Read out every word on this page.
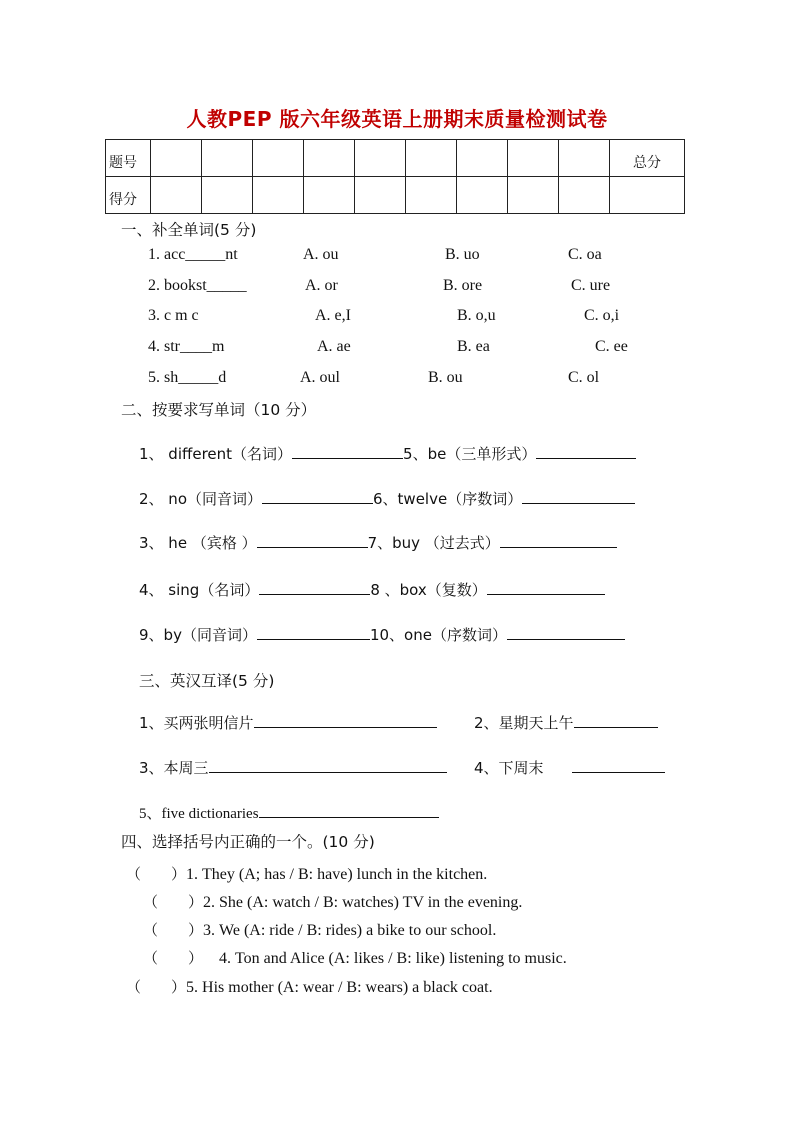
人教PEP 版六年级英语上册期末质量检测试卷
题号										总分
得分										
一、补全单词(5 分)
1. acc_____nt	A. ou	B. uo	C. oa
2. bookst_____	A. or	B. ore	C. ure
3. c m c	A. e,I	B. o,u	C. o,i
4. str____m	A. ae	B. ea	C. ee
5. sh_____d	A. oul	B. ou	C. ol
二、按要求写单词（10 分）
1、 different（名词）	5、be（三单形式）
2、 no（同音词）	6、twelve（序数词）
3、 he （宾格 ）	7、buy （过去式）
4、 sing（名词）	8 、box（复数）
9、by（同音词）	10、one（序数词）
三、英汉互译(5 分)
1、买两张明信片	2、星期天上午
3、本周三	4、下周末
5、five dictionaries
四、选择括号内正确的一个。(10 分)
（　　）1. They (A; has / B: have) lunch in the kitchen.
（　　）2. She (A: watch / B: watches) TV in the evening.
（　　）3. We (A: ride / B: rides) a bike to our school.
（　　） 4. Ton and Alice (A: likes / B: like) listening to music.
（　　）5. His mother (A: wear / B: wears) a black coat.
